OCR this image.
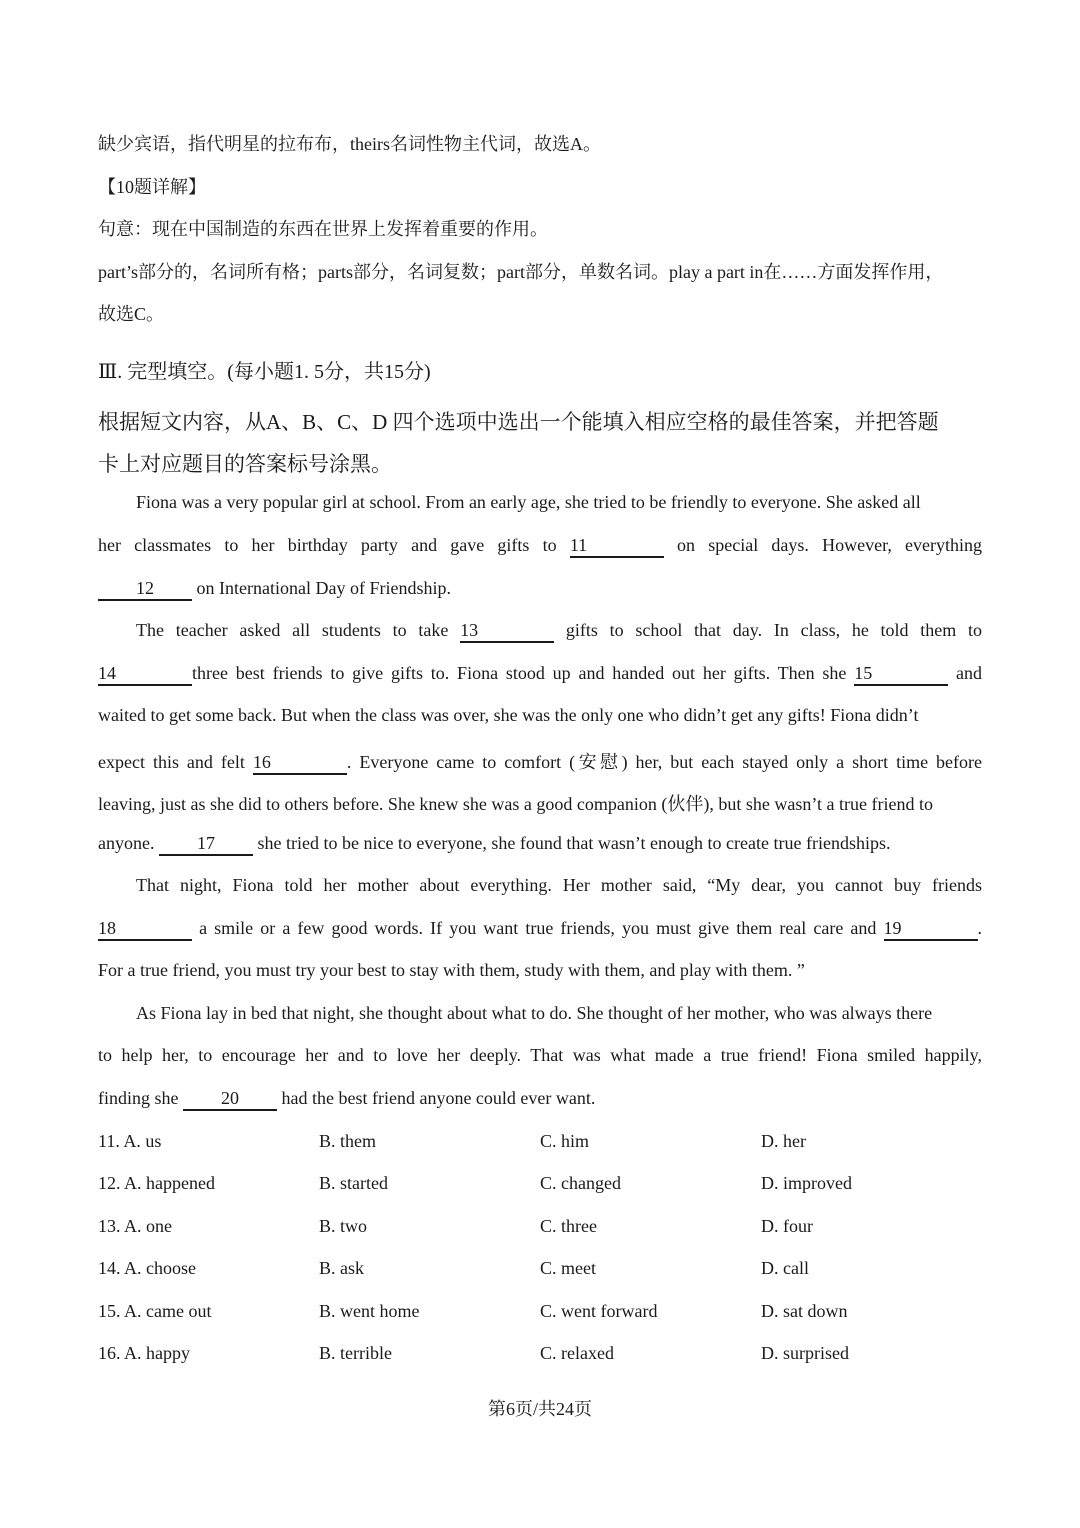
缺少宾语，指代明星的拉布布，theirs名词性物主代词，故选A。
【10题详解】
句意：现在中国制造的东西在世界上发挥着重要的作用。
part’s部分的，名词所有格；parts部分，名词复数；part部分，单数名词。play a part in在……方面发挥作用，
故选C。
Ⅲ. 完型填空。(每小题1. 5分，共15分)
根据短文内容，从A、B、C、D 四个选项中选出一个能填入相应空格的最佳答案，并把答题
卡上对应题目的答案标号涂黑。
Fiona was a very popular girl at school. From an early age, she tried to be friendly to everyone. She asked all
her classmates to her birthday party and gave gifts to 11	on special days. However, everything
12 on International Day of Friendship.
The teacher asked all students to take 13	gifts to school that day. In class, he told them to
14	three best friends to give gifts to. Fiona stood up and handed out her gifts. Then she 15	and
waited to get some back. But when the class was over, she was the only one who didn’t get any gifts! Fiona didn’t
expect this and felt 16	. Everyone came to comfort (安慰) her, but each stayed only a short time before
leaving, just as she did to others before. She knew she was a good companion (伙伴), but she wasn’t a true friend to
anyone. 17 she tried to be nice to everyone, she found that wasn’t enough to create true friendships.
That night, Fiona told her mother about everything. Her mother said, “My dear, you cannot buy friends
18	a smile or a few good words. If you want true friends, you must give them real care and 19	.
For a true friend, you must try your best to stay with them, study with them, and play with them. ”
As Fiona lay in bed that night, she thought about what to do. She thought of her mother, who was always there
to help her, to encourage her and to love her deeply. That was what made a true friend! Fiona smiled happily,
finding she 20 had the best friend anyone could ever want.
11. A. us	B. them	C. him	D. her
12. A. happened	B. started	C. changed	D. improved
13. A. one	B. two	C. three	D. four
14. A. choose	B. ask	C. meet	D. call
15. A. came out	B. went home	C. went forward	D. sat down
16. A. happy	B. terrible	C. relaxed	D. surprised
第6页/共24页
